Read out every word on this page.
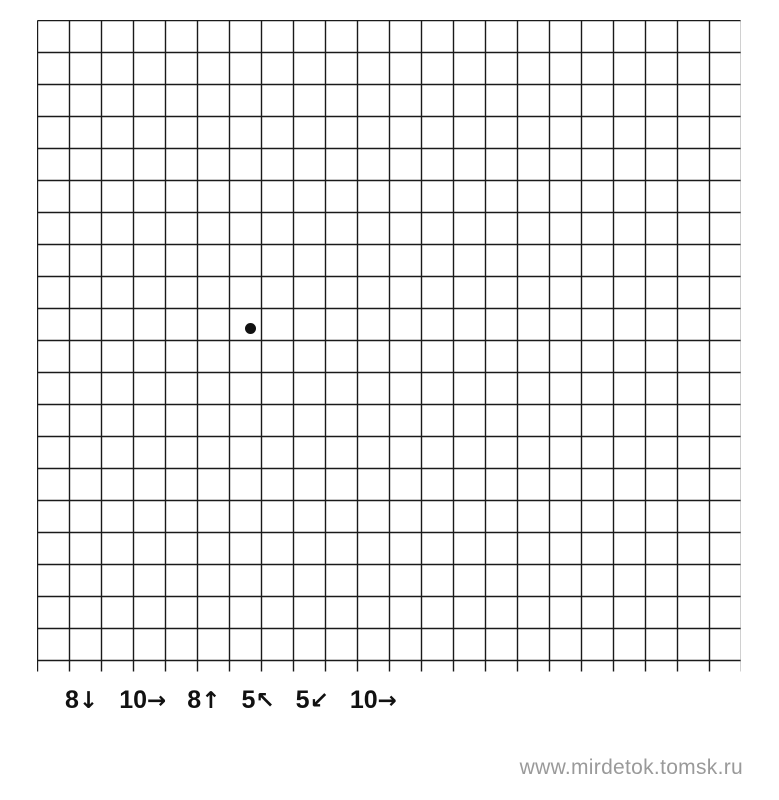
8↓ 10→ 8↑ 5↖ 5↙ 10→
www.mirdetok.tomsk.ru
